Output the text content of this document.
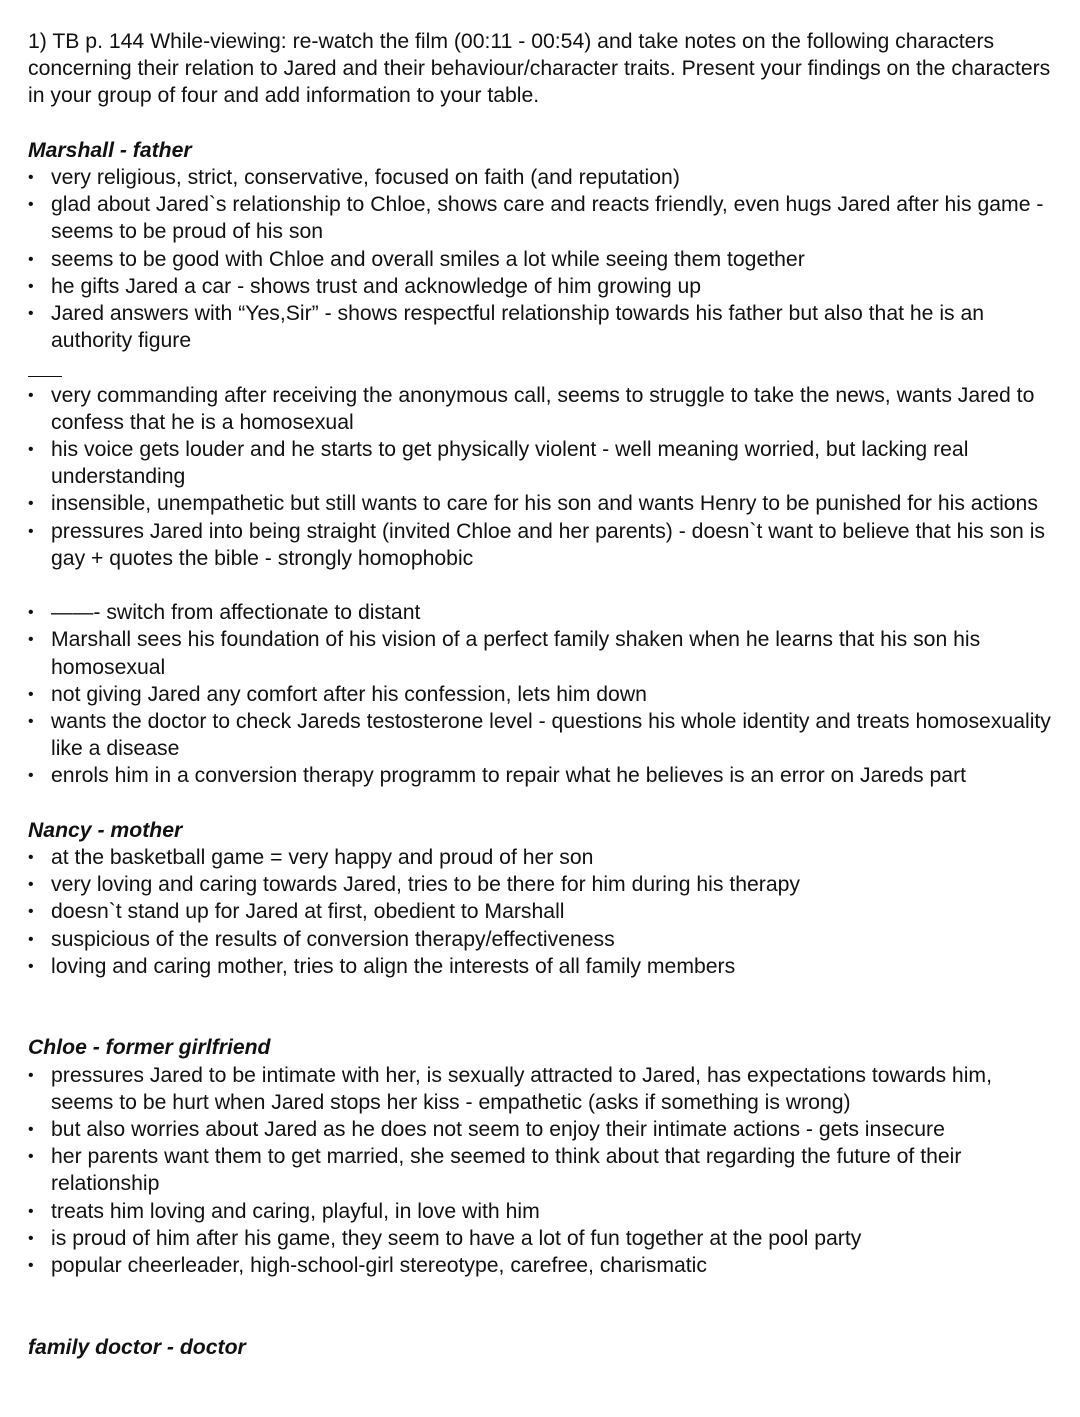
1) TB p. 144 While-viewing: re-watch the film (00:11 - 00:54) and take notes on the following characters concerning their relation to Jared and their behaviour/character traits. Present your findings on the characters in your group of four and add information to your table.

Marshall - father

• very religious, strict, conservative, focused on faith (and reputation)
• glad about Jared`s relationship to Chloe, shows care and reacts friendly, even hugs Jared after his game - seems to be proud of his son
• seems to be good with Chloe and overall smiles a lot while seeing them together
• he gifts Jared a car - shows trust and acknowledge of him growing up
• Jared answers with “Yes,Sir” - shows respectful relationship towards his father but also that he is an authority figure
• very commanding after receiving the anonymous call, seems to struggle to take the news, wants Jared to confess that he is a homosexual
• his voice gets louder and he starts to get physically violent - well meaning worried, but lacking real understanding
• insensible, unempathetic but still wants to care for his son and wants Henry to be punished for his actions
• pressures Jared into being straight (invited Chloe and her parents) - doesn`t want to believe that his son is gay + quotes the bible - strongly homophobic
• ——- switch from affectionate to distant
• Marshall sees his foundation of his vision of a perfect family shaken when he learns that his son his homosexual
• not giving Jared any comfort after his confession, lets him down
• wants the doctor to check Jareds testosterone level - questions his whole identity and treats homosexuality like a disease
• enrols him in a conversion therapy programm to repair what he believes is an error on Jareds part

Nancy - mother

• at the basketball game = very happy and proud of her son
• very loving and caring towards Jared, tries to be there for him during his therapy
• doesn`t stand up for Jared at first, obedient to Marshall
• suspicious of the results of conversion therapy/effectiveness
• loving and caring mother, tries to align the interests of all family members

Chloe - former girlfriend

• pressures Jared to be intimate with her, is sexually attracted to Jared, has expectations towards him, seems to be hurt when Jared stops her kiss - empathetic (asks if something is wrong)
• but also worries about Jared as he does not seem to enjoy their intimate actions - gets insecure
• her parents want them to get married, she seemed to think about that regarding the future of their relationship
• treats him loving and caring, playful, in love with him
• is proud of him after his game, they seem to have a lot of fun together at the pool party
• popular cheerleader, high-school-girl stereotype, carefree, charismatic

family doctor - doctor
